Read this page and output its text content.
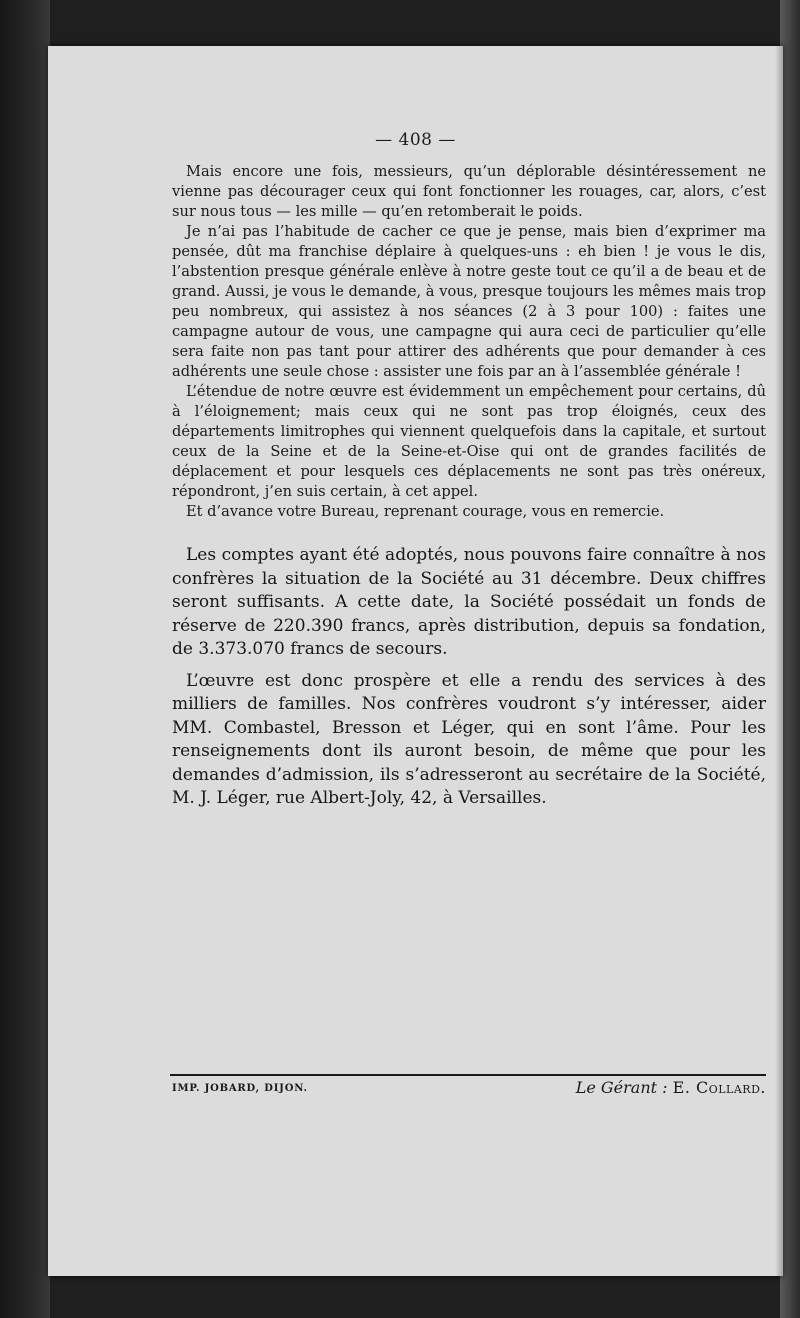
— 408 —

Mais encore une fois, messieurs, qu’un déplorable désintéressement ne vienne pas décourager ceux qui font fonctionner les rouages, car, alors, c’est sur nous tous — les mille — qu’en retomberait le poids.

Je n’ai pas l’habitude de cacher ce que je pense, mais bien d’exprimer ma pensée, dût ma franchise déplaire à quelques-uns : eh bien ! je vous le dis, l’abstention presque générale enlève à notre geste tout ce qu’il a de beau et de grand. Aussi, je vous le demande, à vous, presque toujours les mêmes mais trop peu nombreux, qui assistez à nos séances (2 à 3 pour 100) : faites une campagne autour de vous, une campagne qui aura ceci de particulier qu’elle sera faite non pas tant pour attirer des adhérents que pour demander à ces adhérents une seule chose : assister une fois par an à l’assemblée générale !

L’étendue de notre œuvre est évidemment un empêchement pour certains, dû à l’éloignement; mais ceux qui ne sont pas trop éloignés, ceux des départements limitrophes qui viennent quelquefois dans la capitale, et surtout ceux de la Seine et de la Seine-et-Oise qui ont de grandes facilités de déplacement et pour lesquels ces déplacements ne sont pas très onéreux, répondront, j’en suis certain, à cet appel.

Et d’avance votre Bureau, reprenant courage, vous en remercie.

Les comptes ayant été adoptés, nous pouvons faire connaître à nos confrères la situation de la Société au 31 décembre. Deux chiffres seront suffisants. A cette date, la Société possédait un fonds de réserve de 220.390 francs, après distribution, depuis sa fondation, de 3.373.070 francs de secours.

L’œuvre est donc prospère et elle a rendu des services à des milliers de familles. Nos confrères voudront s’y intéresser, aider MM. Combastel, Bresson et Léger, qui en sont l’âme. Pour les renseignements dont ils auront besoin, de même que pour les demandes d’admission, ils s’adresseront au secrétaire de la Société, M. J. Léger, rue Albert-Joly, 42, à Versailles.

IMP. JOBARD, DIJON.	Le Gérant : E. Collard.
